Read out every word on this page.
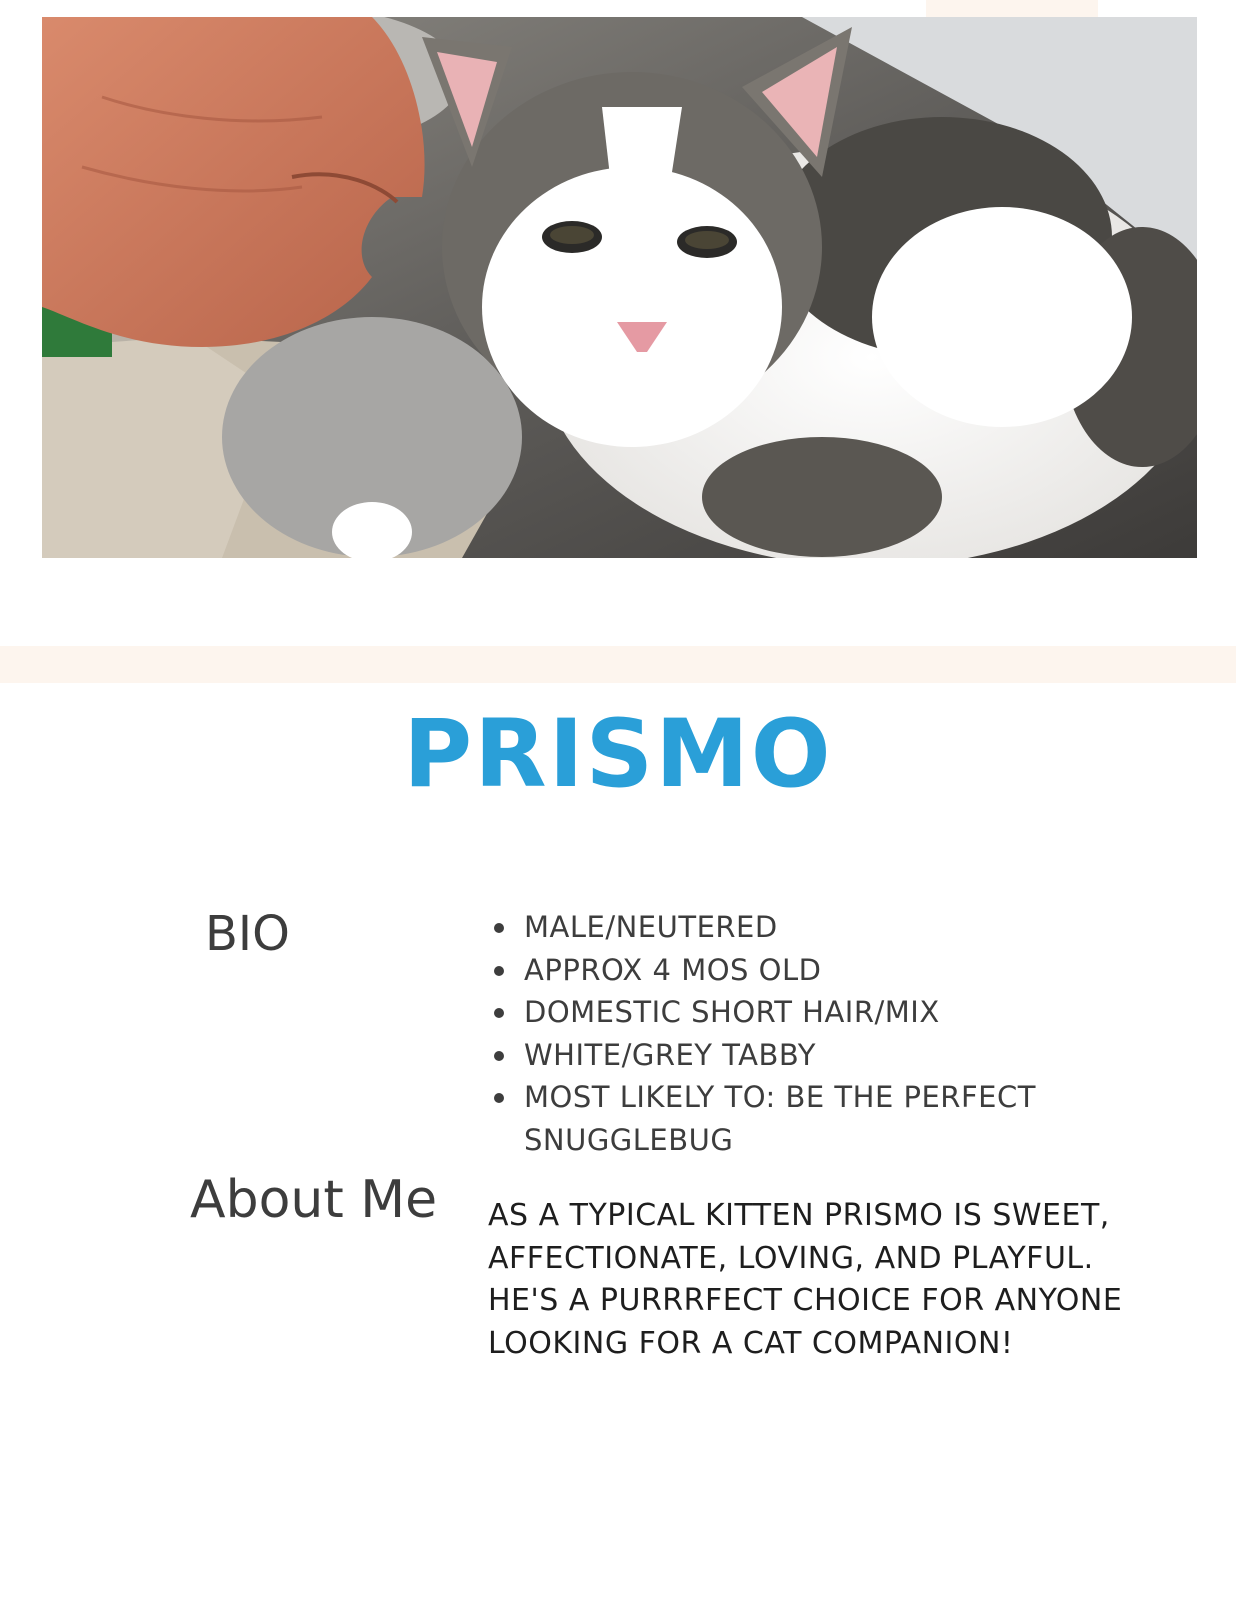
PRISMO
BIO	MALE/NEUTERED
APPROX 4 MOS OLD
DOMESTIC SHORT HAIR/MIX
WHITE/GREY TABBY
MOST LIKELY TO: BE THE PERFECT SNUGGLEBUG
About Me AS A TYPICAL KITTEN PRISMO IS SWEET, AFFECTIONATE, LOVING, AND PLAYFUL. HE'S A PURRRFECT CHOICE FOR ANYONE LOOKING FOR A CAT COMPANION!
